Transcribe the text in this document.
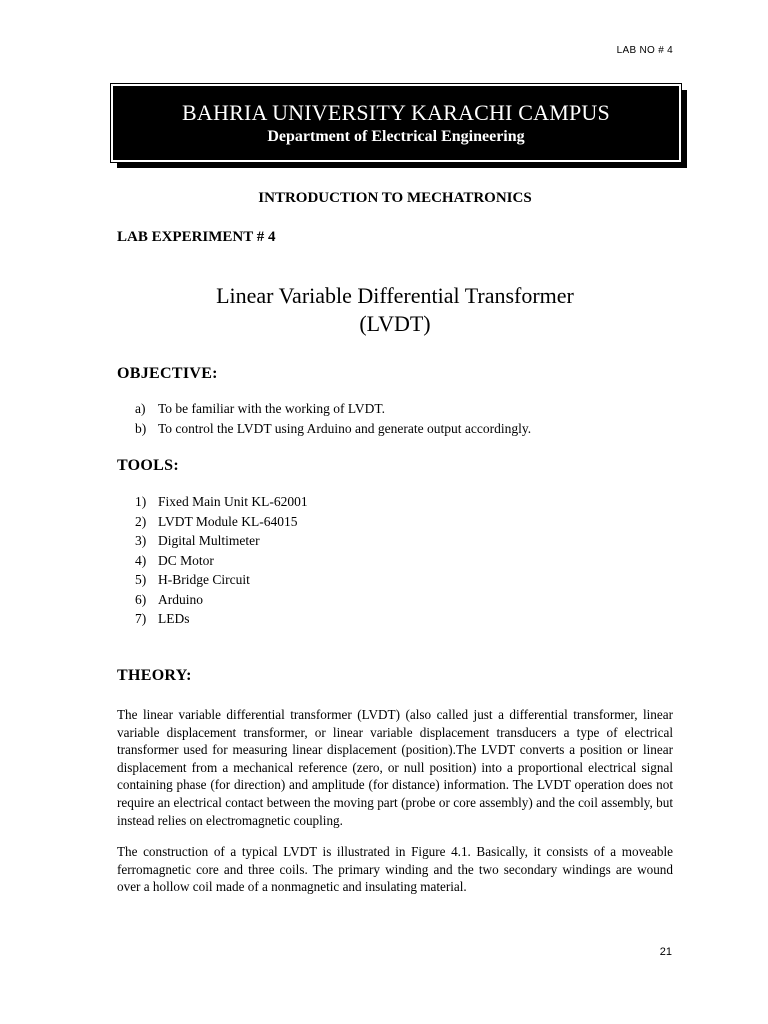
LAB NO # 4
BAHRIA UNIVERSITY KARACHI CAMPUS
Department of Electrical Engineering
INTRODUCTION TO MECHATRONICS
LAB EXPERIMENT # 4
Linear Variable Differential Transformer
(LVDT)
OBJECTIVE:
a) To be familiar with the working of LVDT.
b) To control the LVDT using Arduino and generate output accordingly.
TOOLS:
1) Fixed Main Unit KL-62001
2) LVDT Module KL-64015
3) Digital Multimeter
4) DC Motor
5) H-Bridge Circuit
6) Arduino
7) LEDs
THEORY:

The linear variable differential transformer (LVDT) (also called just a differential transformer, linear variable displacement transformer, or linear variable displacement transducers a type of electrical transformer used for measuring linear displacement (position).The LVDT converts a position or linear displacement from a mechanical reference (zero, or null position) into a proportional electrical signal containing phase (for direction) and amplitude (for distance) information. The LVDT operation does not require an electrical contact between the moving part (probe or core assembly) and the coil assembly, but instead relies on electromagnetic coupling.

The construction of a typical LVDT is illustrated in Figure 4.1. Basically, it consists of a moveable ferromagnetic core and three coils. The primary winding and the two secondary windings are wound over a hollow coil made of a nonmagnetic and insulating material.

21
